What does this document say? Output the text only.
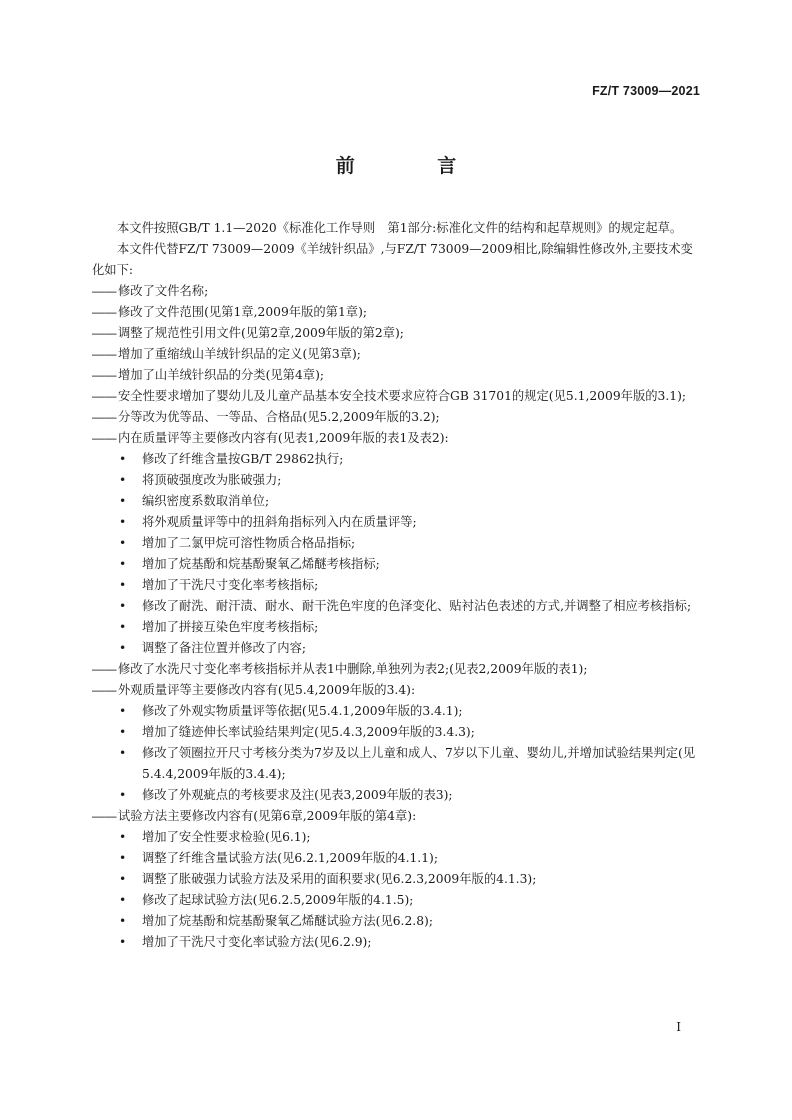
FZ/T 73009—2021
前 言
本文件按照GB/T 1.1—2020《标准化工作导则　第1部分:标准化文件的结构和起草规则》的规定起草。
本文件代替FZ/T 73009—2009《羊绒针织品》,与FZ/T 73009—2009相比,除编辑性修改外,主要技术变化如下:
—— 修改了文件名称;
—— 修改了文件范围(见第1章,2009年版的第1章);
—— 调整了规范性引用文件(见第2章,2009年版的第2章);
—— 增加了重缩绒山羊绒针织品的定义(见第3章);
—— 增加了山羊绒针织品的分类(见第4章);
—— 安全性要求增加了婴幼儿及儿童产品基本安全技术要求应符合GB 31701的规定(见5.1,2009年版的3.1);
—— 分等改为优等品、一等品、合格品(见5.2,2009年版的3.2);
—— 内在质量评等主要修改内容有(见表1,2009年版的表1及表2):
• 修改了纤维含量按GB/T 29862执行;
• 将顶破强度改为胀破强力;
• 编织密度系数取消单位;
• 将外观质量评等中的扭斜角指标列入内在质量评等;
• 增加了二氯甲烷可溶性物质合格品指标;
• 增加了烷基酚和烷基酚聚氧乙烯醚考核指标;
• 增加了干洗尺寸变化率考核指标;
• 修改了耐洗、耐汗渍、耐水、耐干洗色牢度的色泽变化、贴衬沾色表述的方式,并调整了相应考核指标;
• 增加了拼接互染色牢度考核指标;
• 调整了备注位置并修改了内容;
—— 修改了水洗尺寸变化率考核指标并从表1中删除,单独列为表2;(见表2,2009年版的表1);
—— 外观质量评等主要修改内容有(见5.4,2009年版的3.4):
• 修改了外观实物质量评等依据(见5.4.1,2009年版的3.4.1);
• 增加了缝迹伸长率试验结果判定(见5.4.3,2009年版的3.4.3);
• 修改了领圈拉开尺寸考核分类为7岁及以上儿童和成人、7岁以下儿童、婴幼儿,并增加试验结果判定(见5.4.4,2009年版的3.4.4);
• 修改了外观疵点的考核要求及注(见表3,2009年版的表3);
—— 试验方法主要修改内容有(见第6章,2009年版的第4章):
• 增加了安全性要求检验(见6.1);
• 调整了纤维含量试验方法(见6.2.1,2009年版的4.1.1);
• 调整了胀破强力试验方法及采用的面积要求(见6.2.3,2009年版的4.1.3);
• 修改了起球试验方法(见6.2.5,2009年版的4.1.5);
• 增加了烷基酚和烷基酚聚氧乙烯醚试验方法(见6.2.8);
• 增加了干洗尺寸变化率试验方法(见6.2.9);
I
